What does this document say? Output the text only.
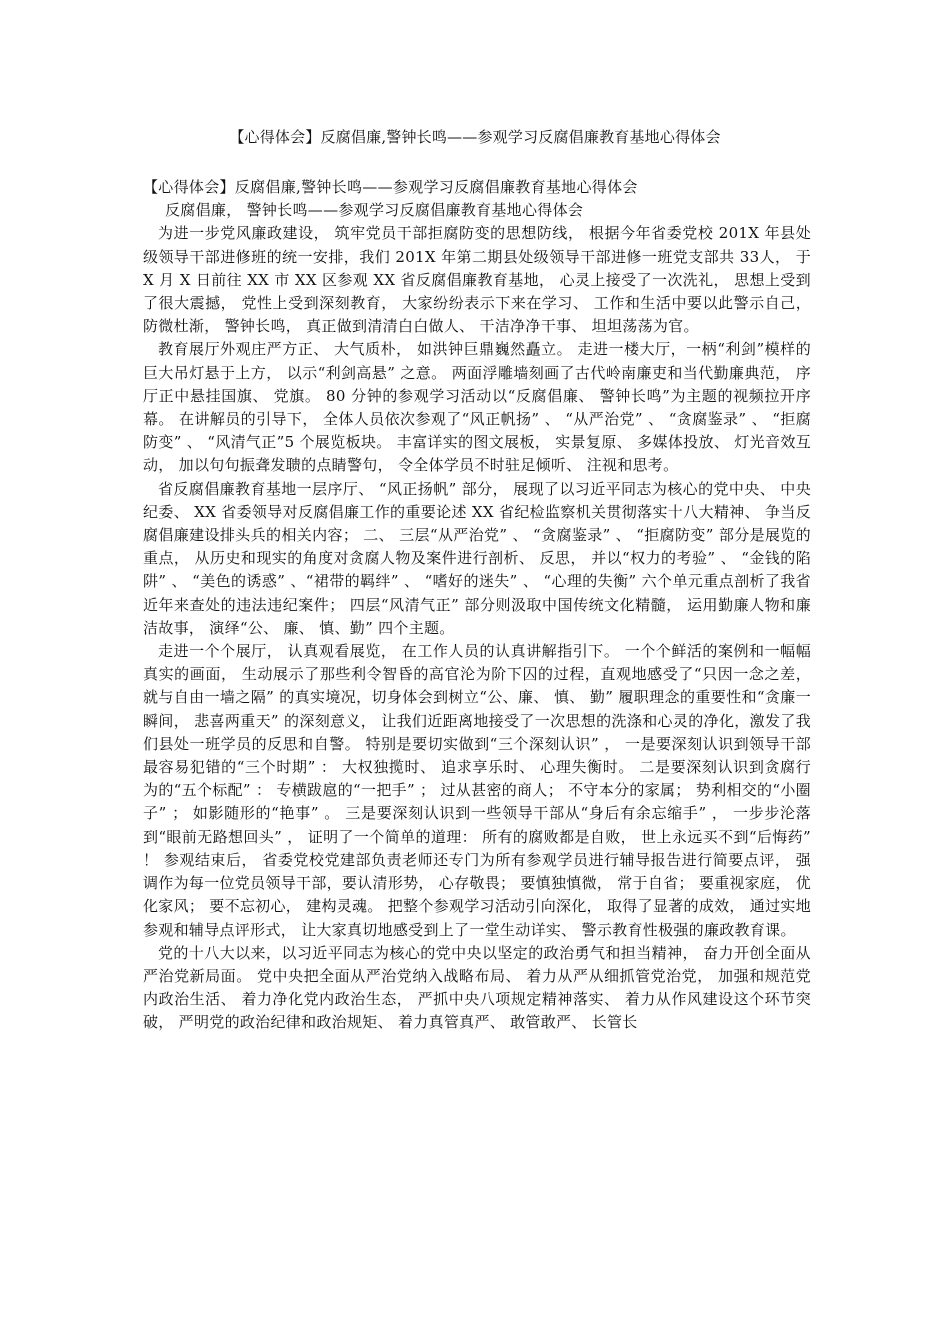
【心得体会】反腐倡廉,警钟长鸣——参观学习反腐倡廉教育基地心得体会

【心得体会】反腐倡廉,警钟长鸣——参观学习反腐倡廉教育基地心得体会

反腐倡廉， 警钟长鸣——参观学习反腐倡廉教育基地心得体会

为进一步党风廉政建设， 筑牢党员干部拒腐防变的思想防线， 根据今年省委党校 201X 年县处级领导干部进修班的统一安排，我们 201X 年第二期县处级领导干部进修一班党支部共 33人， 于 X 月 X 日前往 XX 市 XX 区参观 XX 省反腐倡廉教育基地， 心灵上接受了一次洗礼， 思想上受到了很大震撼， 党性上受到深刻教育， 大家纷纷表示下来在学习、 工作和生活中要以此警示自己， 防微杜渐， 警钟长鸣， 真正做到清清白白做人、 干洁净净干事、 坦坦荡荡为官。

教育展厅外观庄严方正、 大气质朴， 如洪钟巨鼎巍然矗立。 走进一楼大厅，一柄“利剑”模样的巨大吊灯悬于上方， 以示“利剑高悬” 之意。 两面浮雕墙刻画了古代岭南廉吏和当代勤廉典范， 序厅正中悬挂国旗、 党旗。 80 分钟的参观学习活动以“反腐倡廉、 警钟长鸣”为主题的视频拉开序幕。 在讲解员的引导下， 全体人员依次参观了“风正帆扬” 、 “从严治党” 、 “贪腐鉴录” 、 “拒腐防变” 、 “风清气正”5 个展览板块。 丰富详实的图文展板， 实景复原、 多媒体投放、 灯光音效互动， 加以句句振聋发聩的点睛警句， 令全体学员不时驻足倾听、 注视和思考。

省反腐倡廉教育基地一层序厅、 “风正扬帆” 部分， 展现了以习近平同志为核心的党中央、 中央纪委、 XX 省委领导对反腐倡廉工作的重要论述 XX 省纪检监察机关贯彻落实十八大精神、 争当反腐倡廉建设排头兵的相关内容； 二、 三层“从严治党” 、 “贪腐鉴录” 、 “拒腐防变” 部分是展览的重点， 从历史和现实的角度对贪腐人物及案件进行剖析、 反思， 并以“权力的考验” 、 “金钱的陷阱” 、 “美色的诱惑” 、“裙带的羁绊” 、 “嗜好的迷失” 、 “心理的失衡” 六个单元重点剖析了我省近年来查处的违法违纪案件； 四层“风清气正” 部分则汲取中国传统文化精髓， 运用勤廉人物和廉洁故事， 演绎“公、 廉、 慎、勤” 四个主题。

走进一个个展厅， 认真观看展览， 在工作人员的认真讲解指引下。 一个个鲜活的案例和一幅幅真实的画面， 生动展示了那些利令智昏的高官沦为阶下囚的过程，直观地感受了“只因一念之差，就与自由一墙之隔” 的真实境况，切身体会到树立“公、廉、 慎、 勤” 履职理念的重要性和“贪廉一瞬间， 悲喜两重天” 的深刻意义， 让我们近距离地接受了一次思想的洗涤和心灵的净化，激发了我们县处一班学员的反思和自警。 特别是要切实做到“三个深刻认识” ， 一是要深刻认识到领导干部最容易犯错的“三个时期” ： 大权独揽时、 追求享乐时、 心理失衡时。 二是要深刻认识到贪腐行为的“五个标配” ： 专横跋扈的“一把手” ； 过从甚密的商人； 不守本分的家属； 势利相交的“小圈子” ； 如影随形的“艳事” 。 三是要深刻认识到一些领导干部从“身后有余忘缩手” ， 一步步沦落到“眼前无路想回头” ， 证明了一个简单的道理： 所有的腐败都是自败， 世上永远买不到“后悔药” ！ 参观结束后， 省委党校党建部负责老师还专门为所有参观学员进行辅导报告进行简要点评， 强调作为每一位党员领导干部，要认清形势， 心存敬畏； 要慎独慎微， 常于自省； 要重视家庭， 优化家风； 要不忘初心， 建构灵魂。 把整个参观学习活动引向深化， 取得了显著的成效， 通过实地参观和辅导点评形式， 让大家真切地感受到上了一堂生动详实、 警示教育性极强的廉政教育课。

党的十八大以来，以习近平同志为核心的党中央以坚定的政治勇气和担当精神， 奋力开创全面从严治党新局面。 党中央把全面从严治党纳入战略布局、 着力从严从细抓管党治党， 加强和规范党内政治生活、 着力净化党内政治生态， 严抓中央八项规定精神落实、 着力从作风建设这个环节突破， 严明党的政治纪律和政治规矩、 着力真管真严、 敢管敢严、 长管长
